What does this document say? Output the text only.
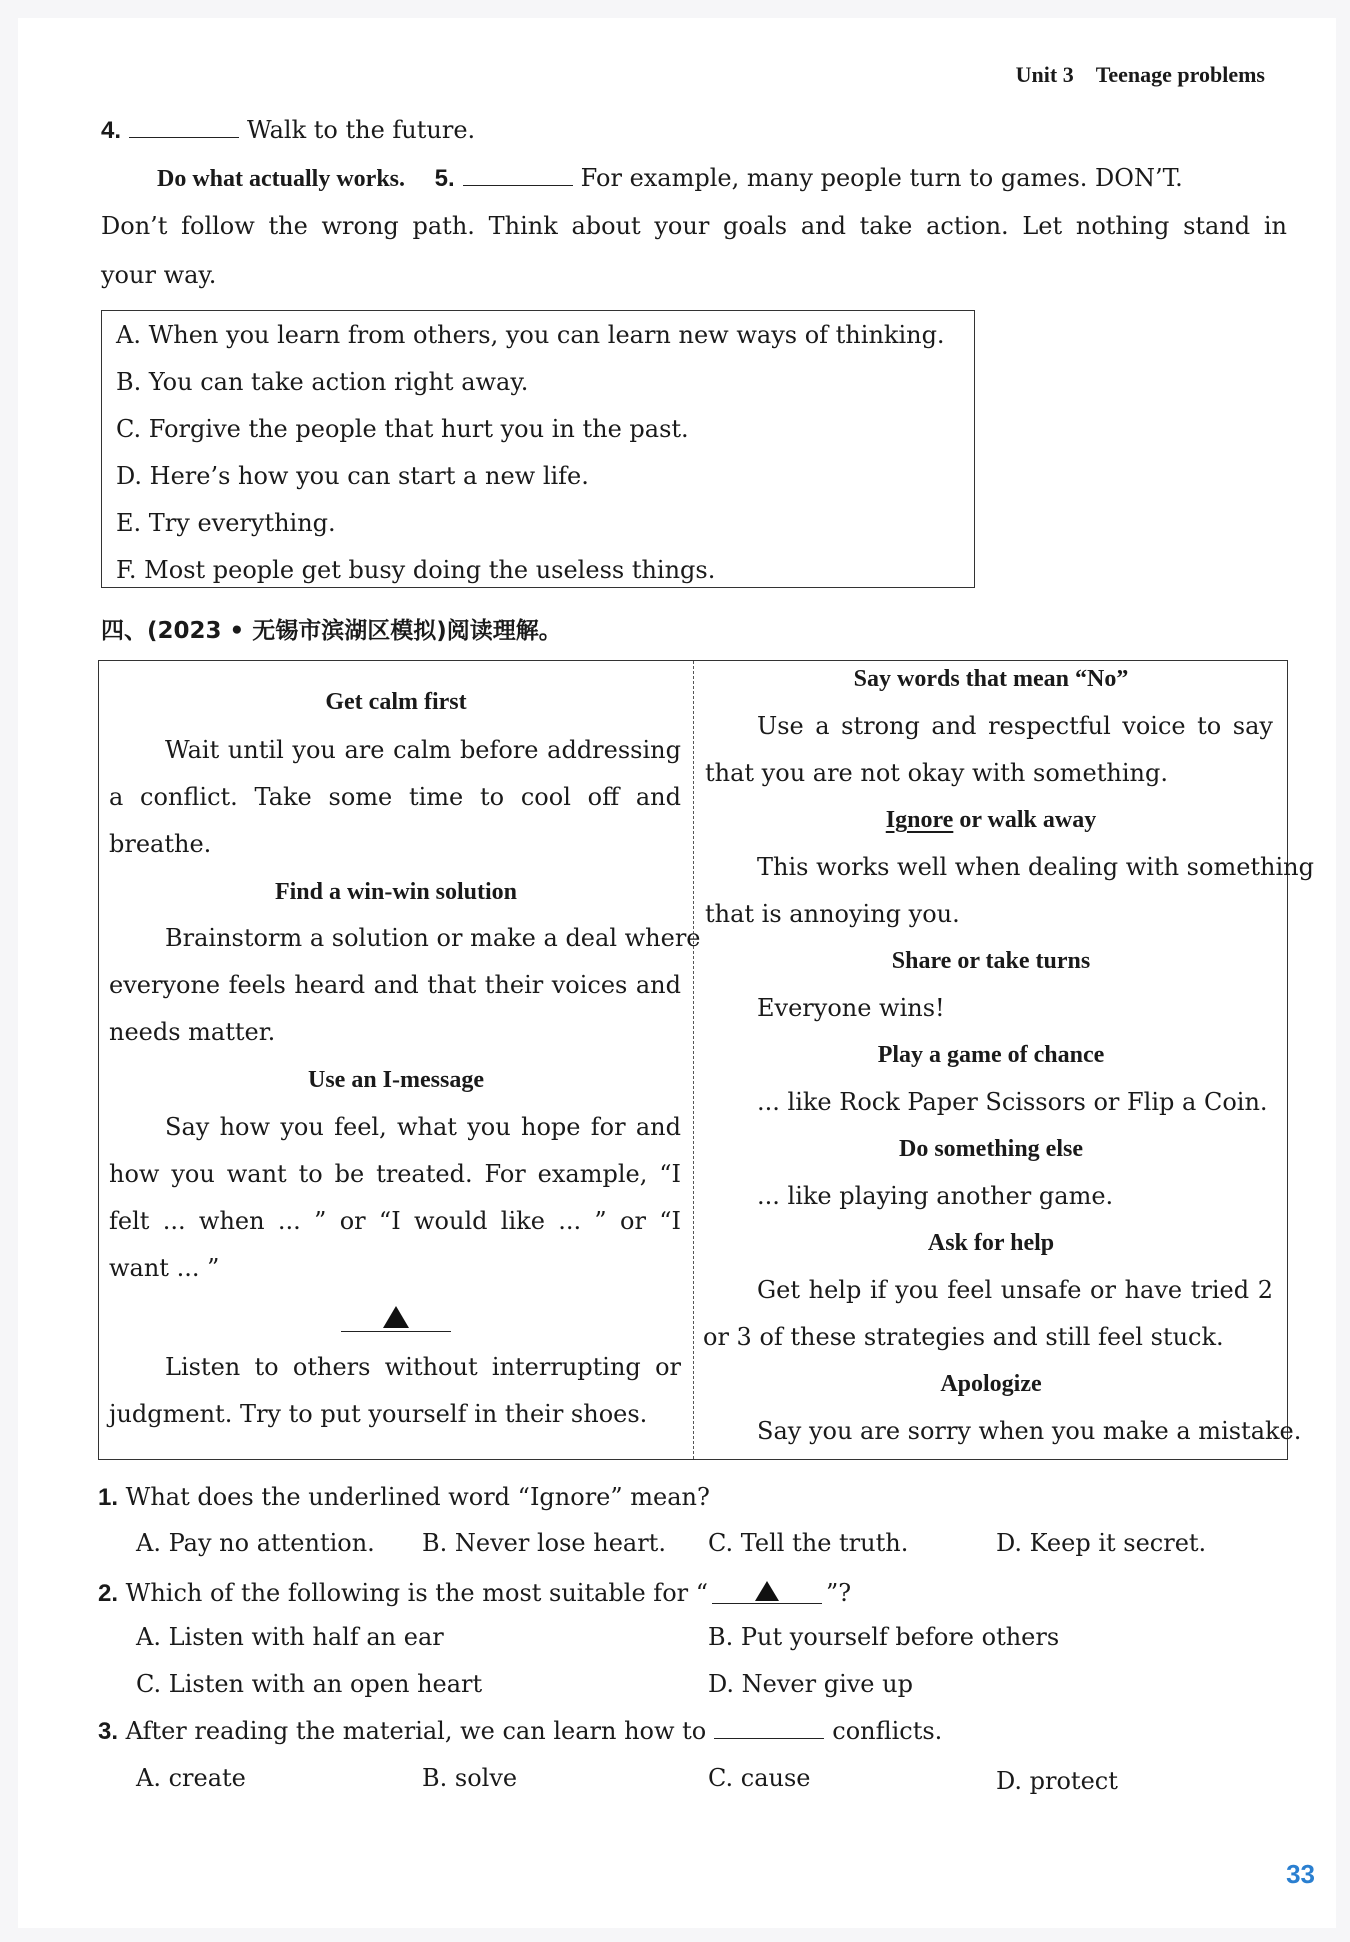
Unit 3 Teenage problems
4.	Walk to the future.
Do what actually works. 5.	For example, many people turn to games. DON’T.
Don’t follow the wrong path. Think about your goals and take action. Let nothing stand in
your way.
A. When you learn from others, you can learn new ways of thinking.
B. You can take action right away.
C. Forgive the people that hurt you in the past.
D. Here’s how you can start a new life.
E. Try everything.
F. Most people get busy doing the useless things.
四、(2023 • 无锡市滨湖区模拟)阅读理解。
Get calm first
Wait until you are calm before addressing
a conflict. Take some time to cool off and
breathe.
Find a win-win solution
Brainstorm a solution or make a deal where
everyone feels heard and that their voices and
needs matter.
Use an I-message
Say how you feel, what you hope for and
how you want to be treated. For example, “I
felt ... when ... ” or “I would like ... ” or “I
want ... ”
Listen to others without interrupting or
judgment. Try to put yourself in their shoes.
Say words that mean “No”
Use a strong and respectful voice to say
that you are not okay with something.
Ignore or walk away
This works well when dealing with something
that is annoying you.
Share or take turns
Everyone wins!
Play a game of chance
... like Rock Paper Scissors or Flip a Coin.
Do something else
... like playing another game.
Ask for help
Get help if you feel unsafe or have tried 2
or 3 of these strategies and still feel stuck.
Apologize
Say you are sorry when you make a mistake.
1. What does the underlined word “Ignore” mean?
A. Pay no attention. B. Never lose heart. C. Tell the truth.	D. Keep it secret.
2. Which of the following is the most suitable for “	”?
A. Listen with half an ear	B. Put yourself before others
C. Listen with an open heart	D. Never give up
3. After reading the material, we can learn how to	conflicts.
A. create	B. solve	C. cause	D. protect
33
